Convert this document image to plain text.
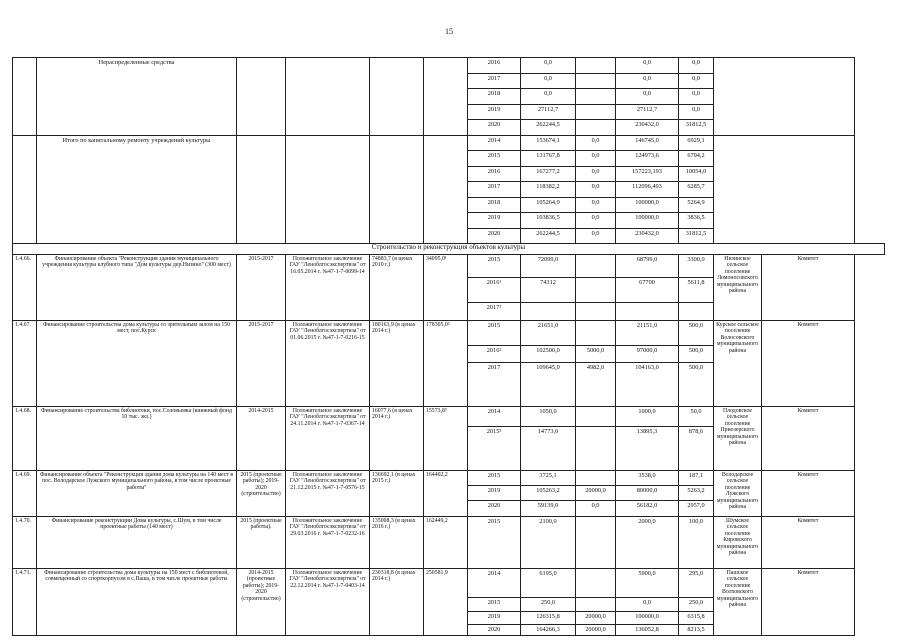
15
	Нераспределенные средства					2016	0,0		0,0	0,0		
						2017	0,0		0,0	0,0		
						2018	0,0		0,0	0,0		
						2019	27112,7		27112,7	0,0		
						2020	262244,5		230432,0	31812,5		
	Итого по капитальному ремонту учреждений культуры					2014	153674,1	0,0	146745,0	6929,1		
						2015	131767,8	0,0	124973,6	6794,2		
						2016	167277,2	0,0	157223,193	10054,0		
						2017	118382,2	0,0	112096,493	6285,7		
						2018	105264,9	0,0	100000,0	5264,9		
						2019	103836,5	0,0	100000,0	3836,5		
						2020	262244,5	0,0	230432,0	31812,5		
Строительство и реконструкция объектов культуры												
1.4.66.	Финансирование объекта "Реконструкция здания муниципального учреждения культуры клубного типа "Дом культуры дер.Низино" (300 мест)	2015-2017	Положительное заключение ГАУ "Леноблгосэкспертиза" от 16.05.2014 г. №47-1-7-0099-14	74883,7 (в ценах 2010 г.)	34095,0¹	2015	72099,0		68799,0	3300,0	Низинское сельское поселение Ломоносовского муниципального района	Комитет
						2016¹	74312		67700	5611,8		
						2017²						
1.4.67.	Финансирование строительства дома культуры со зрительным залом на 150 мест, пос.Курск	2015-2017	Положительное заключение ГАУ "Леноблгосэкспертиза" от 01.06.2015 г. №47-1-7-0216-15	180163,9 (в ценах 2014 г.)	178305,0²	2015	21651,0		21151,0	500,0	Курское сельское поселение Волосовского муниципального района	Комитет
						2016²	102500,0	5000,0	97000,0	500,0		
						2017	109645,0	4982,0	104163,0	500,0		
1.4.68.	Финансирование строительства библиотеки, пос.Соловьевка (книжный фонд 10 тыс. экз.)	2014-2015	Положительное заключение ГАУ "Леноблгосэкспертиза" от 24.11.2014 г. №47-1-7-0367-14	16077,6 (в ценах 2014 г.)	15573,8³	2014	1050,0		1000,0	50,0	Плодовское сельское поселение Приозерского муниципального района	Комитет
						2015³	14773,0		13895,3	878,6		
1.4.69.	Финансирование объекта "Реконструкция здания дома культуры на 140 мест в пос. Володарское Лужского муниципального района, в том числе проектные работы"	2015 (проектные работы); 2019-2020 (строительство)	Положительное заключение ГАУ "Леноблгосэкспертиза" от 21.12.2015 г. №47-1-7-0576-15	136692,1 (в ценах 2015 г.)	164402,2	2015	3725,1		3538,0	187,1	Володарское сельское поселение Лужского муниципального района	Комитет
						2019	105263,2	20000,0	80000,0	5263,2		
						2020	59139,0	0,0	56182,0	2957,0		
1.4.70.	Финансирование реконструкции Дома культуры, с.Шум, в том числе проектные работы (140 мест)	2015 (проектные работы).	Положительное заключение ГАУ "Леноблгосэкспертиза" от 29.03.2016 г. №47-1-7-0232-16	135008,3 (в ценах 2016 г.)	162449,2	2015	2100,0		2000,0	100,0	Шумское сельское поселение Кировского муниципального района	Комитет
1.4.71.	Финансирование строительства дома культуры на 150 мест с библиотекой, совмещенный со спорткорпусом в с.Паша, в том числе проектные работы	2014-2015 (проектные работы); 2019-2020 (строительство)	Положительное заключение ГАУ "Леноблгосэкспертиза" от 22.12.2014 г. №47-1-7-0403-14	230318,8 (в ценах 2014 г.)	250581,9	2014	6195,0		5900,0	295,0	Пашское сельское поселение Волховского муниципального района	Комитет
						2015	250,0		0,0	250,0		
						2019	126315,8	20000,0	100000,0	6315,8		
						2020	164266,3	20000,0	136052,8	8213,5		
